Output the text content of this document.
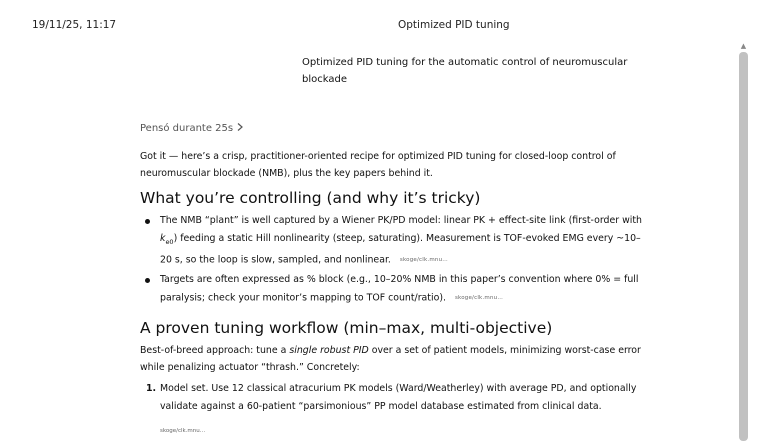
19/11/25, 11:17	Optimized PID tuning
Optimized PID tuning for the automatic control of neuromuscular blockade
Pensó durante 25s

Got it — here’s a crisp, practitioner-oriented recipe for optimized PID tuning for closed-loop control of neuromuscular blockade (NMB), plus the key papers behind it.

What you’re controlling (and why it’s tricky)
The NMB “plant” is well captured by a Wiener PK/PD model: linear PK + effect-site link (first-order with $k_{e0}$) feeding a static Hill nonlinearity (steep, saturating). Measurement is TOF-evoked EMG every ~10–20 s, so the loop is slow, sampled, and nonlinear. skoge/clk.mnu…
Targets are often expressed as % block (e.g., 10–20% NMB in this paper’s convention where 0% = full paralysis; check your monitor’s mapping to TOF count/ratio). skoge/clk.mnu…
A proven tuning workflow (min–max, multi-objective)

Best-of-breed approach: tune a single robust PID over a set of patient models, minimizing worst-case error while penalizing actuator “thrash.” Concretely:

1. Model set. Use 12 classical atracurium PK models (Ward/Weatherley) with average PD, and optionally validate against a 60-patient “parsimonious” PP model database estimated from clinical data.
skoge/clk.mnu…
▲
